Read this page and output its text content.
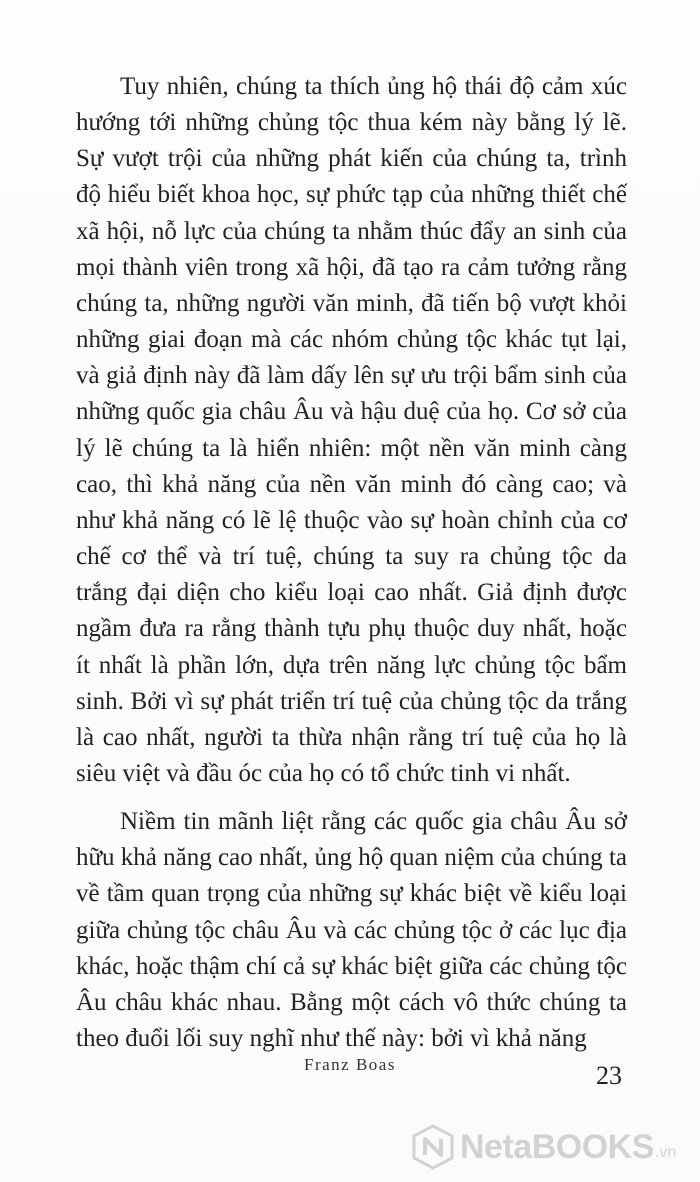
Tuy nhiên, chúng ta thích ủng hộ thái độ cảm xúc hướng tới những chủng tộc thua kém này bằng lý lẽ. Sự vượt trội của những phát kiến của chúng ta, trình độ hiểu biết khoa học, sự phức tạp của những thiết chế xã hội, nỗ lực của chúng ta nhằm thúc đẩy an sinh của mọi thành viên trong xã hội, đã tạo ra cảm tưởng rằng chúng ta, những người văn minh, đã tiến bộ vượt khỏi những giai đoạn mà các nhóm chủng tộc khác tụt lại, và giả định này đã làm dấy lên sự ưu trội bẩm sinh của những quốc gia châu Âu và hậu duệ của họ. Cơ sở của lý lẽ chúng ta là hiển nhiên: một nền văn minh càng cao, thì khả năng của nền văn minh đó càng cao; và như khả năng có lẽ lệ thuộc vào sự hoàn chỉnh của cơ chế cơ thể và trí tuệ, chúng ta suy ra chủng tộc da trắng đại diện cho kiểu loại cao nhất. Giả định được ngầm đưa ra rằng thành tựu phụ thuộc duy nhất, hoặc ít nhất là phần lớn, dựa trên năng lực chủng tộc bẩm sinh. Bởi vì sự phát triển trí tuệ của chủng tộc da trắng là cao nhất, người ta thừa nhận rằng trí tuệ của họ là siêu việt và đầu óc của họ có tổ chức tinh vi nhất.

Niềm tin mãnh liệt rằng các quốc gia châu Âu sở hữu khả năng cao nhất, ủng hộ quan niệm của chúng ta về tầm quan trọng của những sự khác biệt về kiểu loại giữa chủng tộc châu Âu và các chủng tộc ở các lục địa khác, hoặc thậm chí cả sự khác biệt giữa các chủng tộc Âu châu khác nhau. Bằng một cách vô thức chúng ta theo đuổi lối suy nghĩ như thế này: bởi vì khả năng

Franz Boas	23
NetaBOOKS .vn
